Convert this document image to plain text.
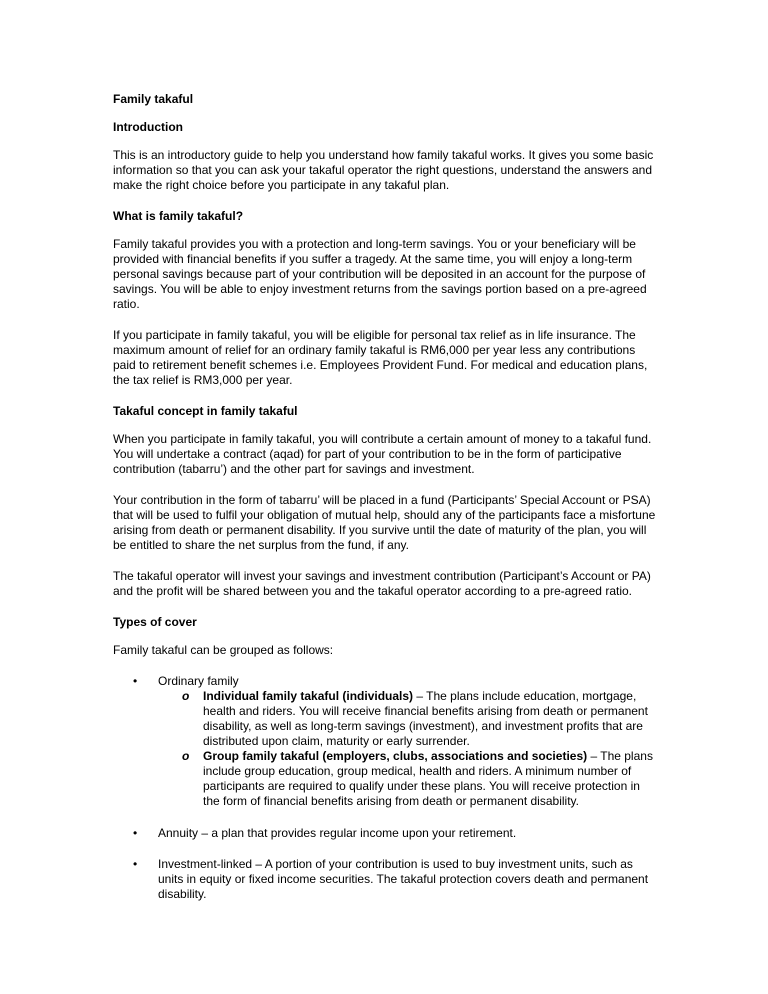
Family takaful
Introduction

This is an introductory guide to help you understand how family takaful works. It gives you some basic information so that you can ask your takaful operator the right questions, understand the answers and make the right choice before you participate in any takaful plan.

What is family takaful?

Family takaful provides you with a protection and long-term savings. You or your beneficiary will be provided with financial benefits if you suffer a tragedy. At the same time, you will enjoy a long-term personal savings because part of your contribution will be deposited in an account for the purpose of savings. You will be able to enjoy investment returns from the savings portion based on a pre-agreed ratio.

If you participate in family takaful, you will be eligible for personal tax relief as in life insurance. The maximum amount of relief for an ordinary family takaful is RM6,000 per year less any contributions paid to retirement benefit schemes i.e. Employees Provident Fund. For medical and education plans, the tax relief is RM3,000 per year.

Takaful concept in family takaful

When you participate in family takaful, you will contribute a certain amount of money to a takaful fund. You will undertake a contract (aqad) for part of your contribution to be in the form of participative contribution (tabarru’) and the other part for savings and investment.

Your contribution in the form of tabarru’ will be placed in a fund (Participants’ Special Account or PSA) that will be used to fulfil your obligation of mutual help, should any of the participants face a misfortune arising from death or permanent disability. If you survive until the date of maturity of the plan, you will be entitled to share the net surplus from the fund, if any.

The takaful operator will invest your savings and investment contribution (Participant’s Account or PA) and the profit will be shared between you and the takaful operator according to a pre-agreed ratio.

Types of cover

Family takaful can be grouped as follows:

• Ordinary family
o Individual family takaful (individuals) – The plans include education, mortgage, health and riders. You will receive financial benefits arising from death or permanent disability, as well as long-term savings (investment), and investment profits that are distributed upon claim, maturity or early surrender.
o Group family takaful (employers, clubs, associations and societies) – The plans include group education, group medical, health and riders. A minimum number of participants are required to qualify under these plans. You will receive protection in the form of financial benefits arising from death or permanent disability.
• Annuity – a plan that provides regular income upon your retirement.
• Investment-linked – A portion of your contribution is used to buy investment units, such as units in equity or fixed income securities. The takaful protection covers death and permanent disability.
